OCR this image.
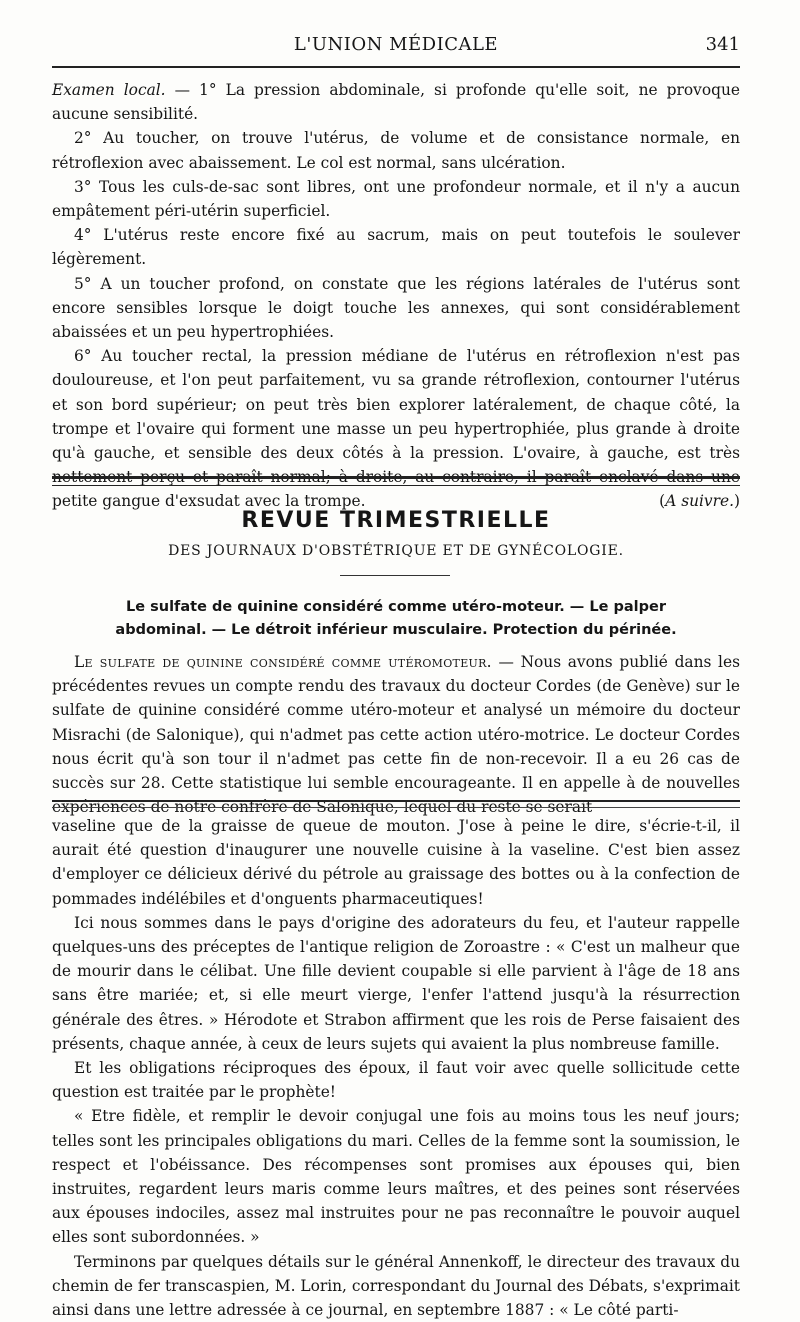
L'UNION MÉDICALE	341

Examen local. — 1° La pression abdominale, si profonde qu'elle soit, ne provoque aucune sensibilité.

2° Au toucher, on trouve l'utérus, de volume et de consistance normale, en rétroflexion avec abaissement. Le col est normal, sans ulcération.

3° Tous les culs-de-sac sont libres, ont une profondeur normale, et il n'y a aucun empâtement péri-utérin superficiel.

4° L'utérus reste encore fixé au sacrum, mais on peut toutefois le soulever légèrement.

5° A un toucher profond, on constate que les régions latérales de l'utérus sont encore sensibles lorsque le doigt touche les annexes, qui sont considérablement abaissées et un peu hypertrophiées.

6° Au toucher rectal, la pression médiane de l'utérus en rétroflexion n'est pas douloureuse, et l'on peut parfaitement, vu sa grande rétroflexion, contourner l'utérus et son bord supérieur; on peut très bien explorer latéralement, de chaque côté, la trompe et l'ovaire qui forment une masse un peu hypertrophiée, plus grande à droite qu'à gauche, et sensible des deux côtés à la pression. L'ovaire, à gauche, est très nettement perçu et paraît normal; à droite, au contraire, il paraît enclavé dans une petite gangue d'exsudat avec la trompe.	(A suivre.)
REVUE TRIMESTRIELLE
DES JOURNAUX D'OBSTÉTRIQUE ET DE GYNÉCOLOGIE.
Le sulfate de quinine considéré comme utéro-moteur. — Le palper
abdominal. — Le détroit inférieur musculaire. Protection du périnée.

Le sulfate de quinine considéré comme utéromoteur. — Nous avons publié dans les précédentes revues un compte rendu des travaux du docteur Cordes (de Genève) sur le sulfate de quinine considéré comme utéro-moteur et analysé un mémoire du docteur Misrachi (de Salonique), qui n'admet pas cette action utéro-motrice. Le docteur Cordes nous écrit qu'à son tour il n'admet pas cette fin de non-recevoir. Il a eu 26 cas de succès sur 28. Cette statistique lui semble encourageante. Il en appelle à de nouvelles expériences de notre confrère de Salonique, lequel du reste se serait

vaseline que de la graisse de queue de mouton. J'ose à peine le dire, s'écrie-t-il, il aurait été question d'inaugurer une nouvelle cuisine à la vaseline. C'est bien assez d'employer ce délicieux dérivé du pétrole au graissage des bottes ou à la confection de pommades indélébiles et d'onguents pharmaceutiques!

Ici nous sommes dans le pays d'origine des adorateurs du feu, et l'auteur rappelle quelques-uns des préceptes de l'antique religion de Zoroastre : « C'est un malheur que de mourir dans le célibat. Une fille devient coupable si elle parvient à l'âge de 18 ans sans être mariée; et, si elle meurt vierge, l'enfer l'attend jusqu'à la résurrection générale des êtres. » Hérodote et Strabon affirment que les rois de Perse faisaient des présents, chaque année, à ceux de leurs sujets qui avaient la plus nombreuse famille.

Et les obligations réciproques des époux, il faut voir avec quelle sollicitude cette question est traitée par le prophète!

« Etre fidèle, et remplir le devoir conjugal une fois au moins tous les neuf jours; telles sont les principales obligations du mari. Celles de la femme sont la soumission, le respect et l'obéissance. Des récompenses sont promises aux épouses qui, bien instruites, regardent leurs maris comme leurs maîtres, et des peines sont réservées aux épouses indociles, assez mal instruites pour ne pas reconnaître le pouvoir auquel elles sont subordonnées. »

Terminons par quelques détails sur le général Annenkoff, le directeur des travaux du chemin de fer transcaspien, M. Lorin, correspondant du Journal des Débats, s'exprimait ainsi dans une lettre adressée à ce journal, en septembre 1887 : « Le côté parti-
